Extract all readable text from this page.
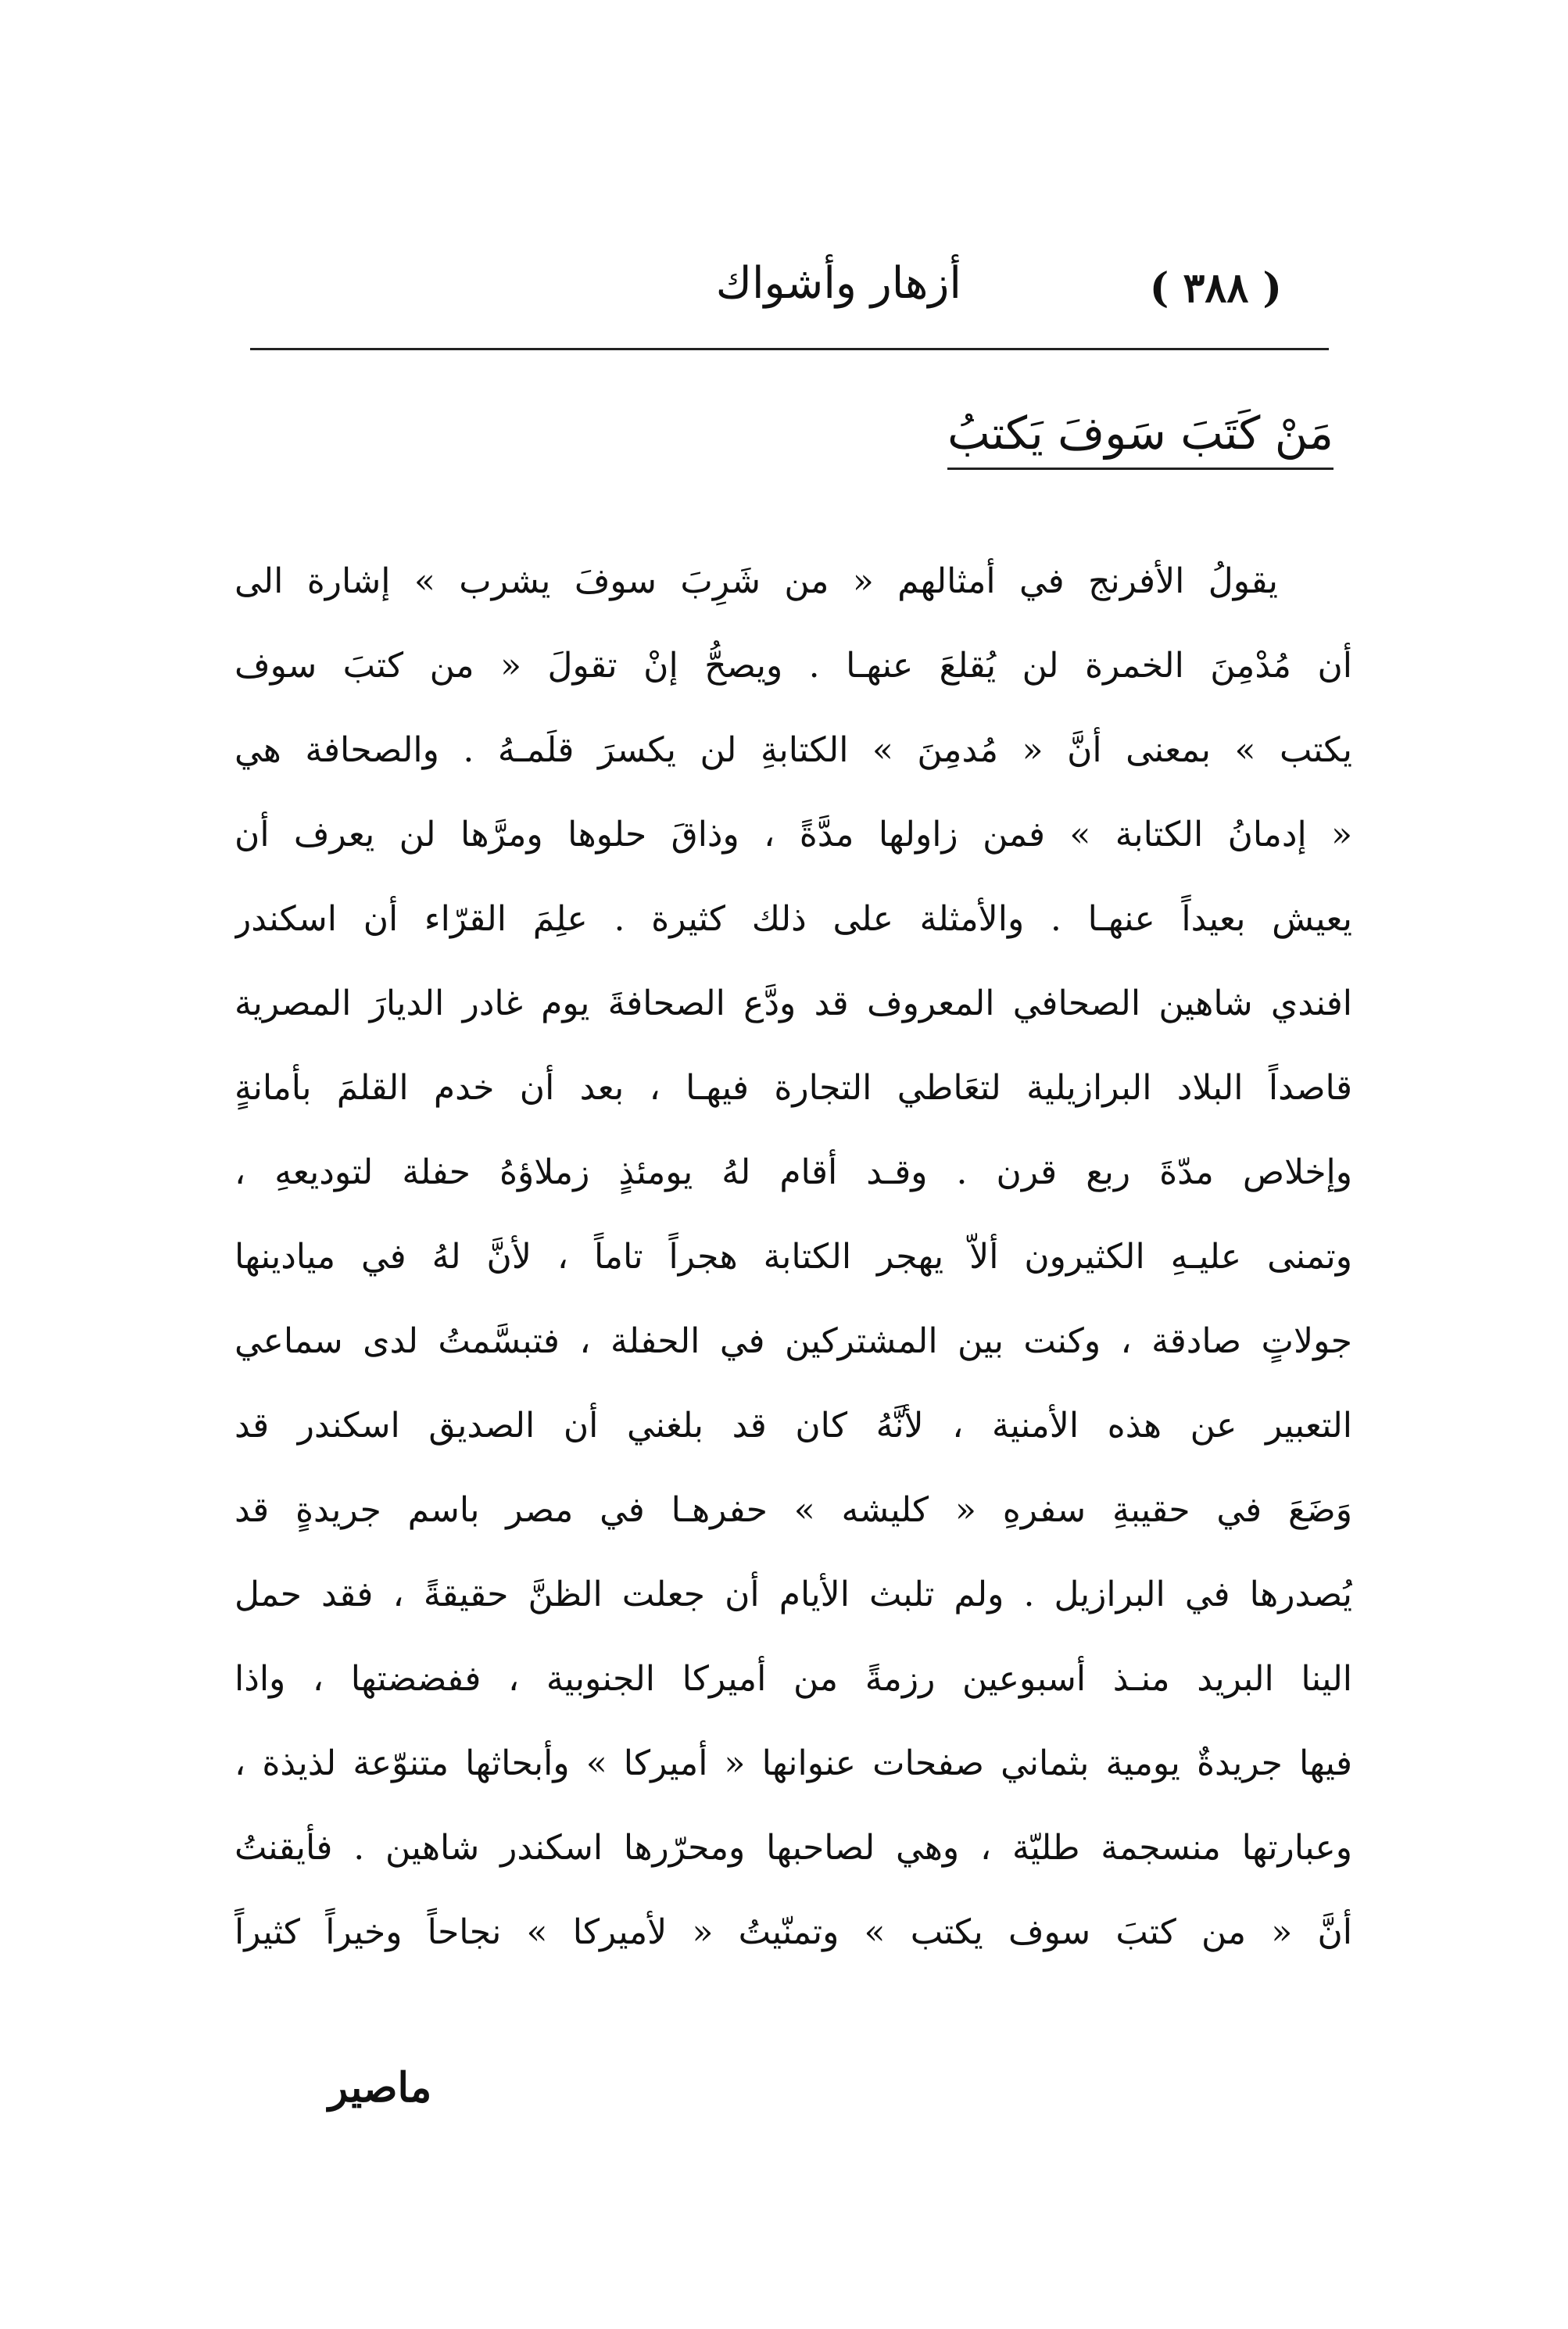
( ٣٨٨ )
أزهار وأشواك
مَنْ كَتَبَ سَوفَ يَكتبُ
يقولُ الأفرنج في أمثالهم « من شَرِبَ سوفَ يشرب » إشارة الى
أن مُدْمِنَ الخمرة لن يُقلعَ عنهـا . ويصحُّ إنْ تقولَ « من كتبَ سوف
يكتب » بمعنى أنَّ « مُدمِنَ » الكتابةِ لن يكسرَ قلَمـهُ . والصحافة هي
« إدمانُ الكتابة » فمن زاولها مدَّةً ، وذاقَ حلوها ومرَّها لن يعرف أن
يعيش بعيداً عنهـا . والأمثلة على ذلك كثيرة . علِمَ القرّاء أن اسكندر
افندي شاهين الصحافي المعروف قد ودَّع الصحافةَ يوم غادر الديارَ المصرية
قاصداً البلاد البرازيلية لتعَاطي التجارة فيهـا ، بعد أن خدم القلمَ بأمانةٍ
وإخلاص مدّةَ ربع قرن . وقـد أقام لهُ يومئذٍ زملاؤهُ حفلة لتوديعهِ ،
وتمنى عليـهِ الكثيرون ألاّ يهجر الكتابة هجراً تاماً ، لأنَّ لهُ في ميادينها
جولاتٍ صادقة ، وكنت بين المشتركين في الحفلة ، فتبسَّمتُ لدى سماعي
التعبير عن هذه الأمنية ، لأنَّهُ كان قد بلغني أن الصديق اسكندر قد
وَضَعَ في حقيبةِ سفرهِ « كليشه » حفرهـا في مصر باسم جريدةٍ قد
يُصدرها في البرازيل . ولم تلبث الأيام أن جعلت الظنَّ حقيقةً ، فقد حمل
الينا البريد منـذ أسبوعين رزمةً من أميركا الجنوبية ، ففضضتها ، واذا
فيها جريدةٌ يومية بثماني صفحات عنوانها « أميركا » وأبحاثها متنوّعة لذيذة ،
وعبارتها منسجمة طليّة ، وهي لصاحبها ومحرّرها اسكندر شاهين . فأيقنتُ
أنَّ « من كتبَ سوف يكتب » وتمنّيتُ « لأميركا » نجاحاً وخيراً كثيراً
ماصير
